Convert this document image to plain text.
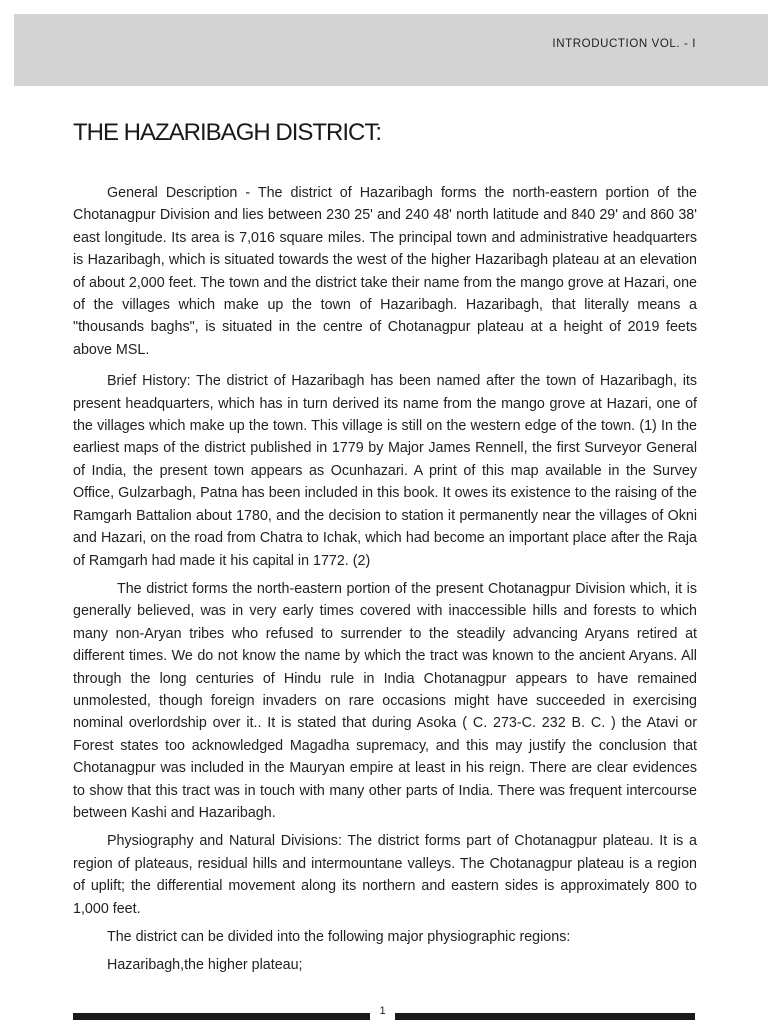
INTRODUCTION VOL. - I
THE HAZARIBAGH DISTRICT:

General Description - The district of Hazaribagh forms the north-eastern portion of the Chotanagpur Division and lies between 230 25' and 240 48' north latitude and 840 29' and 860 38' east longitude. Its area is 7,016 square miles. The principal town and administrative headquarters is Hazaribagh, which is situated towards the west of the higher Hazaribagh plateau at an elevation of about 2,000 feet. The town and the district take their name from the mango grove at Hazari, one of the villages which make up the town of Hazaribagh. Hazaribagh, that literally means a "thousands baghs", is situated in the centre of Chotanagpur plateau at a height of 2019 feets above MSL.

Brief History: The district of Hazaribagh has been named after the town of Hazaribagh, its present headquarters, which has in turn derived its name from the mango grove at Hazari, one of the villages which make up the town. This village is still on the western edge of the town. (1) In the earliest maps of the district published in 1779 by Major James Rennell, the first Surveyor General of India, the present town appears as Ocunhazari. A print of this map available in the Survey Office, Gulzarbagh, Patna has been included in this book. It owes its existence to the raising of the Ramgarh Battalion about 1780, and the decision to station it permanently near the villages of Okni and Hazari, on the road from Chatra to Ichak, which had become an important place after the Raja of Ramgarh had made it his capital in 1772. (2)

The district forms the north-eastern portion of the present Chotanagpur Division which, it is generally believed, was in very early times covered with inaccessible hills and forests to which many non-Aryan tribes who refused to surrender to the steadily advancing Aryans retired at different times. We do not know the name by which the tract was known to the ancient Aryans. All through the long centuries of Hindu rule in India Chotanagpur appears to have remained unmolested, though foreign invaders on rare occasions might have succeeded in exercising nominal overlordship over it.. It is stated that during Asoka ( C. 273-C. 232 B. C. ) the Atavi or Forest states too acknowledged Magadha supremacy, and this may justify the conclusion that Chotanagpur was included in the Mauryan empire at least in his reign. There are clear evidences to show that this tract was in touch with many other parts of India. There was frequent intercourse between Kashi and Hazaribagh.

Physiography and Natural Divisions: The district forms part of Chotanagpur plateau. It is a region of plateaus, residual hills and intermountane valleys. The Chotanagpur plateau is a region of uplift; the differential movement along its northern and eastern sides is approximately 800 to 1,000 feet.

The district can be divided into the following major physiographic regions:

Hazaribagh,the higher plateau;

1
